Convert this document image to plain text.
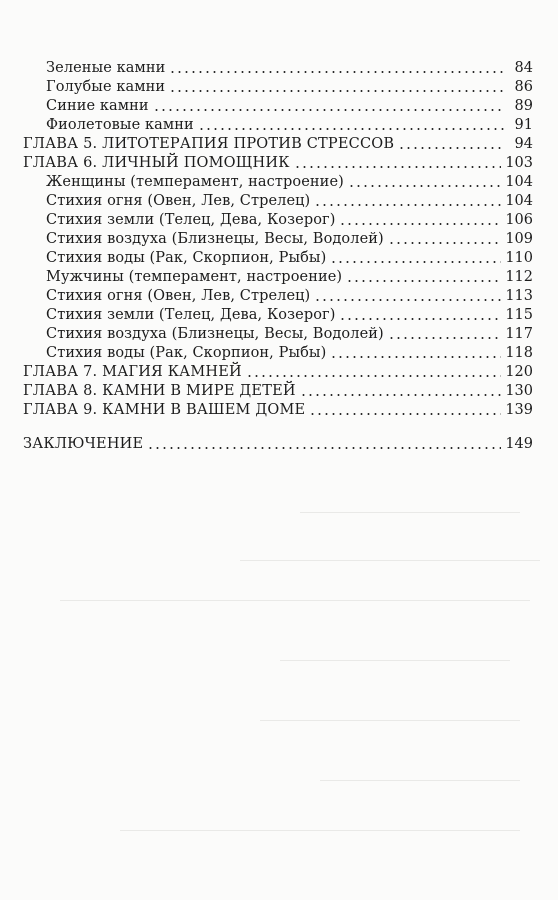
Зеленые камни	84
Голубые камни	86
Синие камни	89
Фиолетовые камни	91
ГЛАВА 5. ЛИТОТЕРАПИЯ ПРОТИВ СТРЕССОВ	94
ГЛАВА 6. ЛИЧНЫЙ ПОМОЩНИК	103
Женщины (темперамент, настроение)	104
Стихия огня (Овен, Лев, Стрелец)	104
Стихия земли (Телец, Дева, Козерог)	106
Стихия воздуха (Близнецы, Весы, Водолей)	109
Стихия воды (Рак, Скорпион, Рыбы)	110
Мужчины (темперамент, настроение)	112
Стихия огня (Овен, Лев, Стрелец)	113
Стихия земли (Телец, Дева, Козерог)	115
Стихия воздуха (Близнецы, Весы, Водолей)	117
Стихия воды (Рак, Скорпион, Рыбы)	118
ГЛАВА 7. МАГИЯ КАМНЕЙ	120
ГЛАВА 8. КАМНИ В МИРЕ ДЕТЕЙ	130
ГЛАВА 9. КАМНИ В ВАШЕМ ДОМЕ	139
ЗАКЛЮЧЕНИЕ	149
